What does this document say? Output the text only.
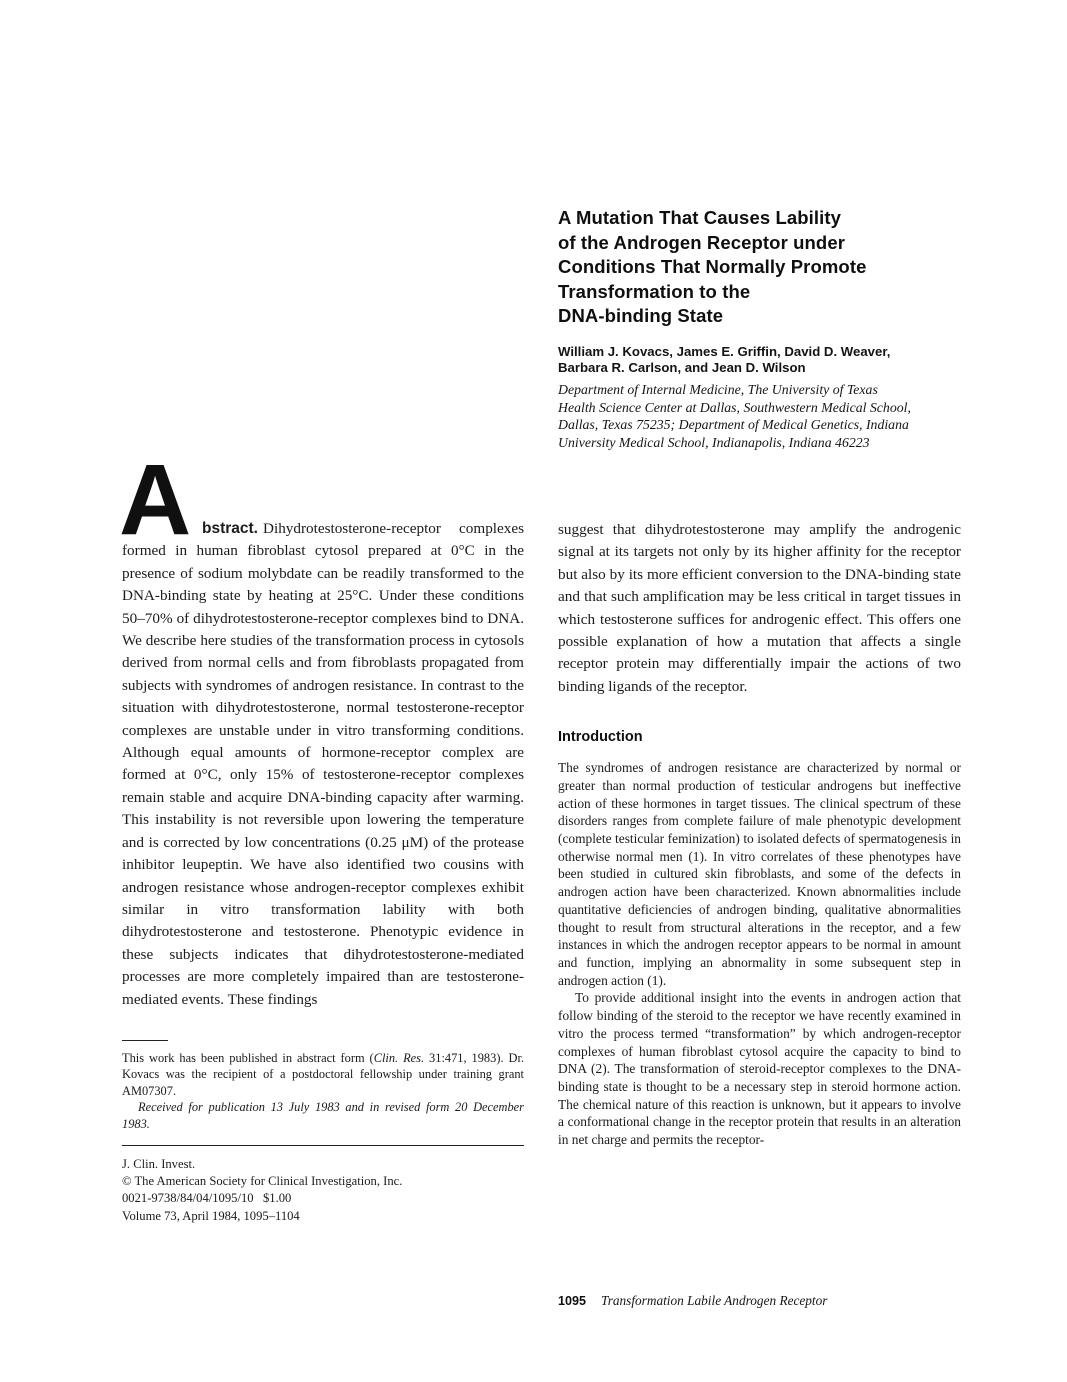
A Mutation That Causes Lability
of the Androgen Receptor under
Conditions That Normally Promote
Transformation to the
DNA-binding State
William J. Kovacs, James E. Griffin, David D. Weaver,
Barbara R. Carlson, and Jean D. Wilson
Department of Internal Medicine, The University of Texas
Health Science Center at Dallas, Southwestern Medical School,
Dallas, Texas 75235; Department of Medical Genetics, Indiana
University Medical School, Indianapolis, Indiana 46223
A bstract. Dihydrotestosterone-receptor complexes formed in human fibroblast cytosol prepared at 0°C in the presence of sodium molybdate can be readily transformed to the DNA-binding state by heating at 25°C. Under these conditions 50–70% of dihydrotestosterone-receptor complexes bind to DNA. We describe here studies of the transformation process in cytosols derived from normal cells and from fibroblasts propagated from subjects with syndromes of androgen resistance. In contrast to the situation with dihydrotestosterone, normal testosterone-receptor complexes are unstable under in vitro transforming conditions. Although equal amounts of hormone-receptor complex are formed at 0°C, only 15% of testosterone-receptor complexes remain stable and acquire DNA-binding capacity after warming. This instability is not reversible upon lowering the temperature and is corrected by low concentrations (0.25 μM) of the protease inhibitor leupeptin. We have also identified two cousins with androgen resistance whose androgen-receptor complexes exhibit similar in vitro transformation lability with both dihydrotestosterone and testosterone. Phenotypic evidence in these subjects indicates that dihydrotestosterone-mediated processes are more completely impaired than are testosterone-mediated events. These findings

This work has been published in abstract form (Clin. Res. 31:471, 1983). Dr. Kovacs was the recipient of a postdoctoral fellowship under training grant AM07307.

Received for publication 13 July 1983 and in revised form 20 December 1983.

J. Clin. Invest.
© The American Society for Clinical Investigation, Inc.
0021-9738/84/04/1095/10   $1.00
Volume 73, April 1984, 1095–1104

suggest that dihydrotestosterone may amplify the androgenic signal at its targets not only by its higher affinity for the receptor but also by its more efficient conversion to the DNA-binding state and that such amplification may be less critical in target tissues in which testosterone suffices for androgenic effect. This offers one possible explanation of how a mutation that affects a single receptor protein may differentially impair the actions of two binding ligands of the receptor.

Introduction

The syndromes of androgen resistance are characterized by normal or greater than normal production of testicular androgens but ineffective action of these hormones in target tissues. The clinical spectrum of these disorders ranges from complete failure of male phenotypic development (complete testicular feminization) to isolated defects of spermatogenesis in otherwise normal men (1). In vitro correlates of these phenotypes have been studied in cultured skin fibroblasts, and some of the defects in androgen action have been characterized. Known abnormalities include quantitative deficiencies of androgen binding, qualitative abnormalities thought to result from structural alterations in the receptor, and a few instances in which the androgen receptor appears to be normal in amount and function, implying an abnormality in some subsequent step in androgen action (1).

To provide additional insight into the events in androgen action that follow binding of the steroid to the receptor we have recently examined in vitro the process termed “transformation” by which androgen-receptor complexes of human fibroblast cytosol acquire the capacity to bind to DNA (2). The transformation of steroid-receptor complexes to the DNA-binding state is thought to be a necessary step in steroid hormone action. The chemical nature of this reaction is unknown, but it appears to involve a conformational change in the receptor protein that results in an alteration in net charge and permits the receptor-

1095 Transformation Labile Androgen Receptor
